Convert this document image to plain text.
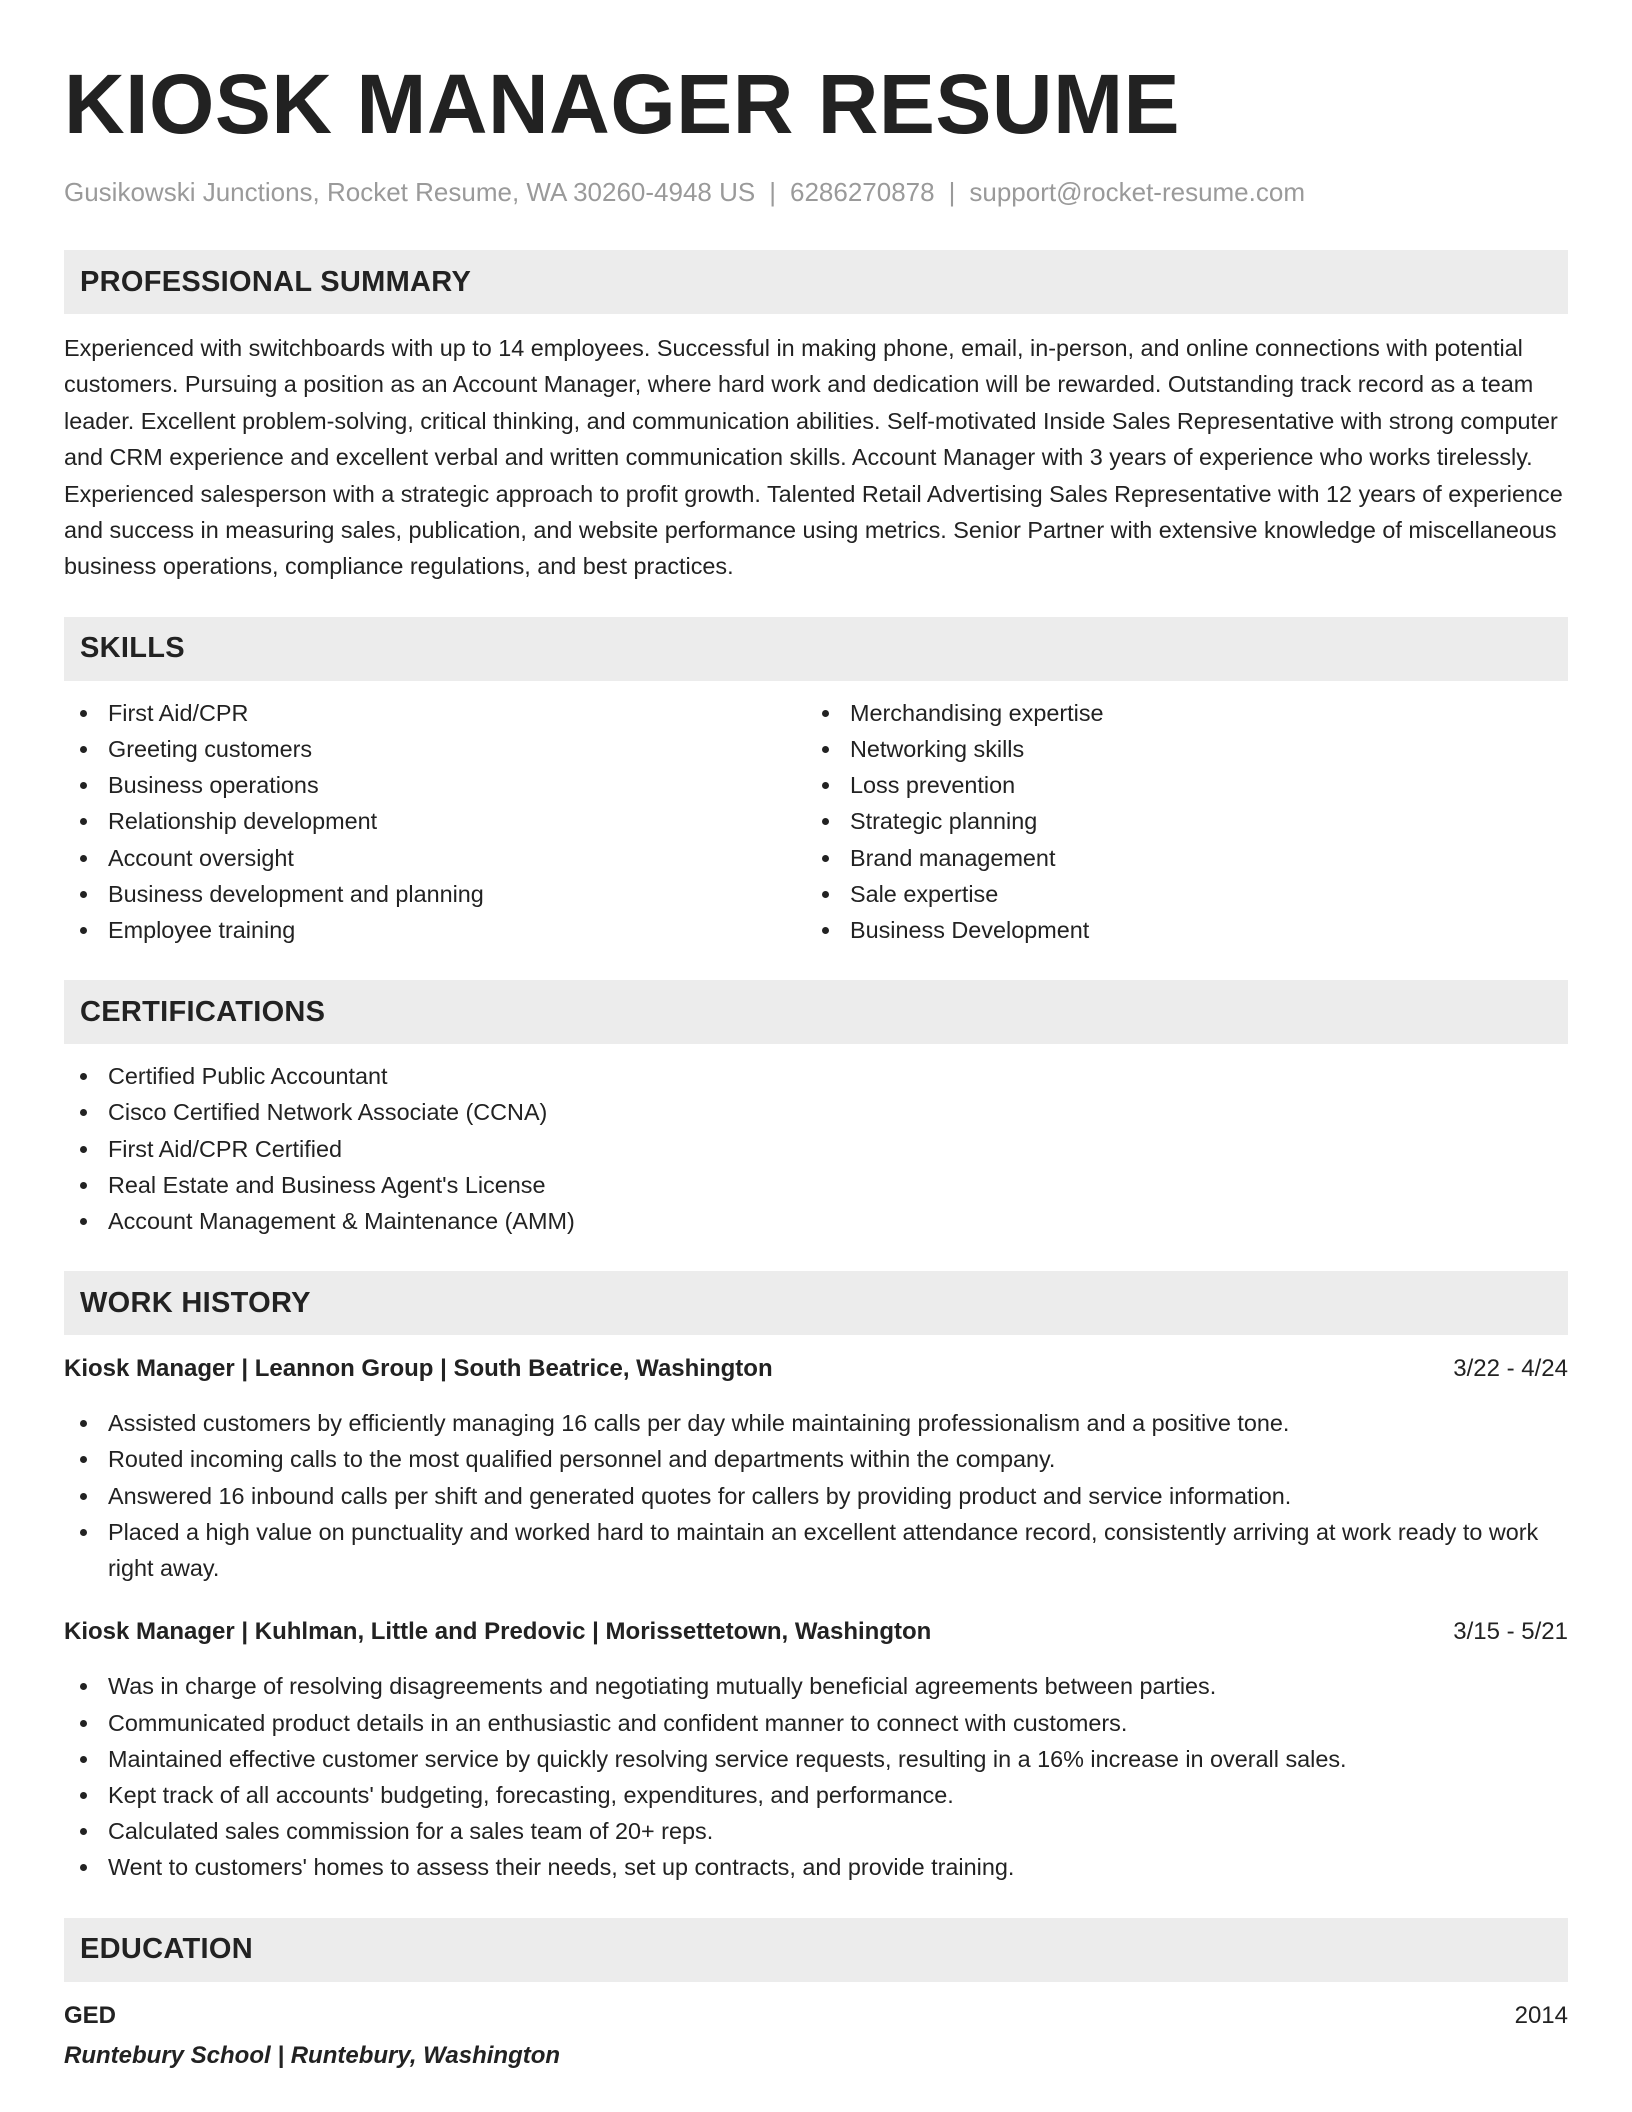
KIOSK MANAGER RESUME
Gusikowski Junctions, Rocket Resume, WA 30260-4948 US | 6286270878 | support@rocket-resume.com
PROFESSIONAL SUMMARY

Experienced with switchboards with up to 14 employees. Successful in making phone, email, in-person, and online connections with potential customers. Pursuing a position as an Account Manager, where hard work and dedication will be rewarded. Outstanding track record as a team leader. Excellent problem-solving, critical thinking, and communication abilities. Self-motivated Inside Sales Representative with strong computer and CRM experience and excellent verbal and written communication skills. Account Manager with 3 years of experience who works tirelessly. Experienced salesperson with a strategic approach to profit growth. Talented Retail Advertising Sales Representative with 12 years of experience and success in measuring sales, publication, and website performance using metrics. Senior Partner with extensive knowledge of miscellaneous business operations, compliance regulations, and best practices.

SKILLS
First Aid/CPR
Greeting customers
Business operations
Relationship development
Account oversight
Business development and planning
Employee training
Merchandising expertise
Networking skills
Loss prevention
Strategic planning
Brand management
Sale expertise
Business Development
CERTIFICATIONS
Certified Public Accountant
Cisco Certified Network Associate (CCNA)
First Aid/CPR Certified
Real Estate and Business Agent's License
Account Management & Maintenance (AMM)
WORK HISTORY
Kiosk Manager | Leannon Group | South Beatrice, Washington	3/22 - 4/24
Assisted customers by efficiently managing 16 calls per day while maintaining professionalism and a positive tone.
Routed incoming calls to the most qualified personnel and departments within the company.
Answered 16 inbound calls per shift and generated quotes for callers by providing product and service information.
Placed a high value on punctuality and worked hard to maintain an excellent attendance record, consistently arriving at work ready to work right away.
Kiosk Manager | Kuhlman, Little and Predovic | Morissettetown, Washington	3/15 - 5/21
Was in charge of resolving disagreements and negotiating mutually beneficial agreements between parties.
Communicated product details in an enthusiastic and confident manner to connect with customers.
Maintained effective customer service by quickly resolving service requests, resulting in a 16% increase in overall sales.
Kept track of all accounts' budgeting, forecasting, expenditures, and performance.
Calculated sales commission for a sales team of 20+ reps.
Went to customers' homes to assess their needs, set up contracts, and provide training.
EDUCATION
GED	2014
Runtebury School | Runtebury, Washington
